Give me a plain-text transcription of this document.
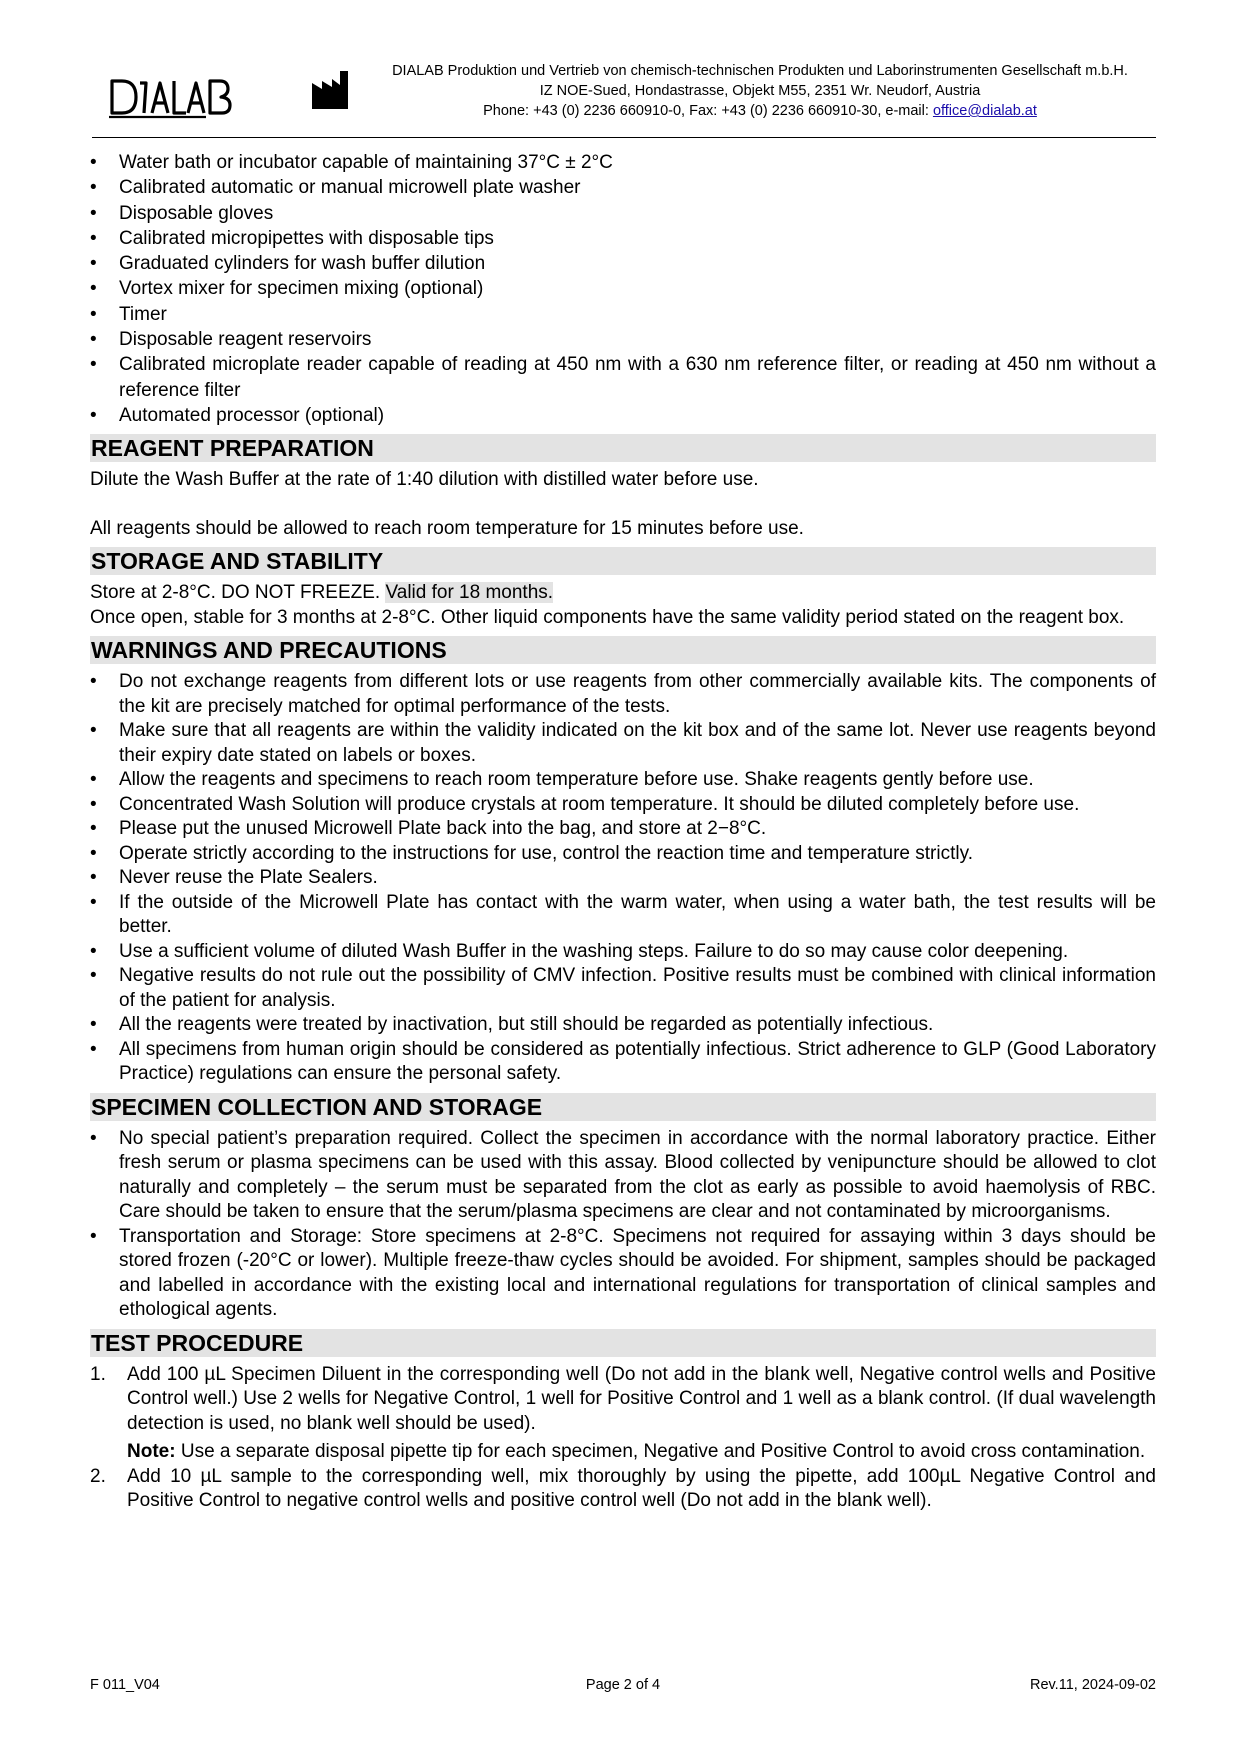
DIALAB Produktion und Vertrieb von chemisch-technischen Produkten und Laborinstrumenten Gesellschaft m.b.H.
IZ NOE-Sued, Hondastrasse, Objekt M55, 2351 Wr. Neudorf, Austria
Phone: +43 (0) 2236 660910-0, Fax: +43 (0) 2236 660910-30, e-mail: office@dialab.at
• Water bath or incubator capable of maintaining 37°C ± 2°C
• Calibrated automatic or manual microwell plate washer
• Disposable gloves
• Calibrated micropipettes with disposable tips
• Graduated cylinders for wash buffer dilution
• Vortex mixer for specimen mixing (optional)
• Timer
• Disposable reagent reservoirs
• Calibrated microplate reader capable of reading at 450 nm with a 630 nm reference filter, or reading at 450 nm without a reference filter
• Automated processor (optional)
REAGENT PREPARATION

Dilute the Wash Buffer at the rate of 1:40 dilution with distilled water before use.

All reagents should be allowed to reach room temperature for 15 minutes before use.

STORAGE AND STABILITY

Store at 2-8°C. DO NOT FREEZE. Valid for 18 months.

Once open, stable for 3 months at 2-8°C. Other liquid components have the same validity period stated on the reagent box.

WARNINGS AND PRECAUTIONS
• Do not exchange reagents from different lots or use reagents from other commercially available kits. The components of the kit are precisely matched for optimal performance of the tests.
• Make sure that all reagents are within the validity indicated on the kit box and of the same lot. Never use reagents beyond their expiry date stated on labels or boxes.
• Allow the reagents and specimens to reach room temperature before use. Shake reagents gently before use.
• Concentrated Wash Solution will produce crystals at room temperature. It should be diluted completely before use.
• Please put the unused Microwell Plate back into the bag, and store at 2−8°C.
• Operate strictly according to the instructions for use, control the reaction time and temperature strictly.
• Never reuse the Plate Sealers.
• If the outside of the Microwell Plate has contact with the warm water, when using a water bath, the test results will be better.
• Use a sufficient volume of diluted Wash Buffer in the washing steps. Failure to do so may cause color deepening.
• Negative results do not rule out the possibility of CMV infection. Positive results must be combined with clinical information of the patient for analysis.
• All the reagents were treated by inactivation, but still should be regarded as potentially infectious.
• All specimens from human origin should be considered as potentially infectious. Strict adherence to GLP (Good Laboratory Practice) regulations can ensure the personal safety.
SPECIMEN COLLECTION AND STORAGE
• No special patient’s preparation required. Collect the specimen in accordance with the normal laboratory practice. Either fresh serum or plasma specimens can be used with this assay. Blood collected by venipuncture should be allowed to clot naturally and completely – the serum must be separated from the clot as early as possible to avoid haemolysis of RBC. Care should be taken to ensure that the serum/plasma specimens are clear and not contaminated by microorganisms.
• Transportation and Storage: Store specimens at 2-8°C. Specimens not required for assaying within 3 days should be stored frozen (-20°C or lower). Multiple freeze-thaw cycles should be avoided. For shipment, samples should be packaged and labelled in accordance with the existing local and international regulations for transportation of clinical samples and ethological agents.
TEST PROCEDURE
1. Add 100 µL Specimen Diluent in the corresponding well (Do not add in the blank well, Negative control wells and Positive Control well.) Use 2 wells for Negative Control, 1 well for Positive Control and 1 well as a blank control. (If dual wavelength detection is used, no blank well should be used).
Note: Use a separate disposal pipette tip for each specimen, Negative and Positive Control to avoid cross contamination.
2. Add 10 µL sample to the corresponding well, mix thoroughly by using the pipette, add 100µL Negative Control and Positive Control to negative control wells and positive control well (Do not add in the blank well).
F 011_V04	Page 2 of 4	Rev.11, 2024-09-02
